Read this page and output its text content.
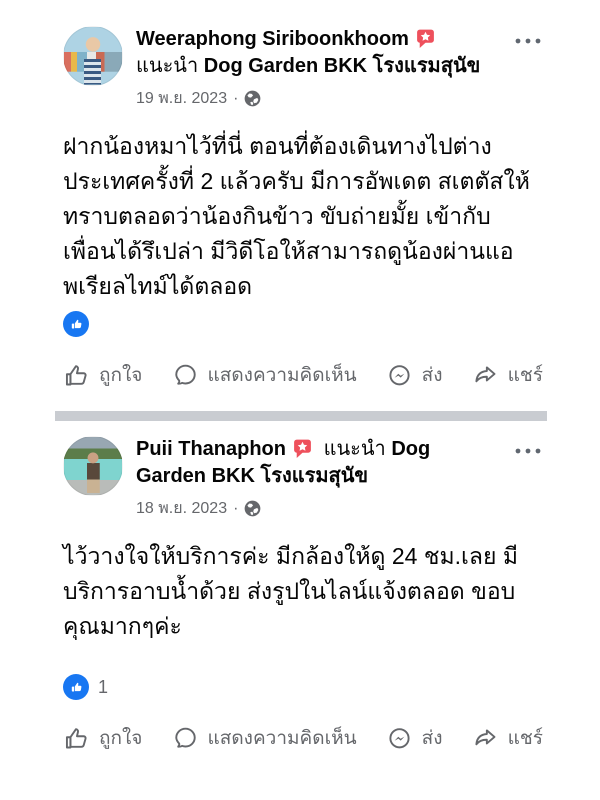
Weeraphong Siriboonkhoom
แนะนำ Dog Garden BKK โรงแรมสุนัข
19 พ.ย. 2023 ·
ฝากน้องหมาไว้ที่นี่ ตอนที่ต้องเดินทางไปต่างประเทศครั้งที่ 2 แล้วครับ มีการอัพเดต สเตตัสให้ทราบตลอดว่าน้องกินข้าว ขับถ่ายมั้ย เข้ากับเพื่อนได้รึเปล่า มีวิดีโอให้สามารถดูน้องผ่านแอพเรียลไทม์ได้ตลอด
ถูกใจ	แสดงความคิดเห็น	ส่ง	แชร์
Puii Thanaphon แนะนำ Dog Garden BKK โรงแรมสุนัข
18 พ.ย. 2023 ·
ไว้วางใจให้บริการค่ะ มีกล้องให้ดู 24 ชม.เลย มีบริการอาบน้ำด้วย ส่งรูปในไลน์แจ้งตลอด ขอบคุณมากๆค่ะ
1
ถูกใจ	แสดงความคิดเห็น	ส่ง	แชร์
